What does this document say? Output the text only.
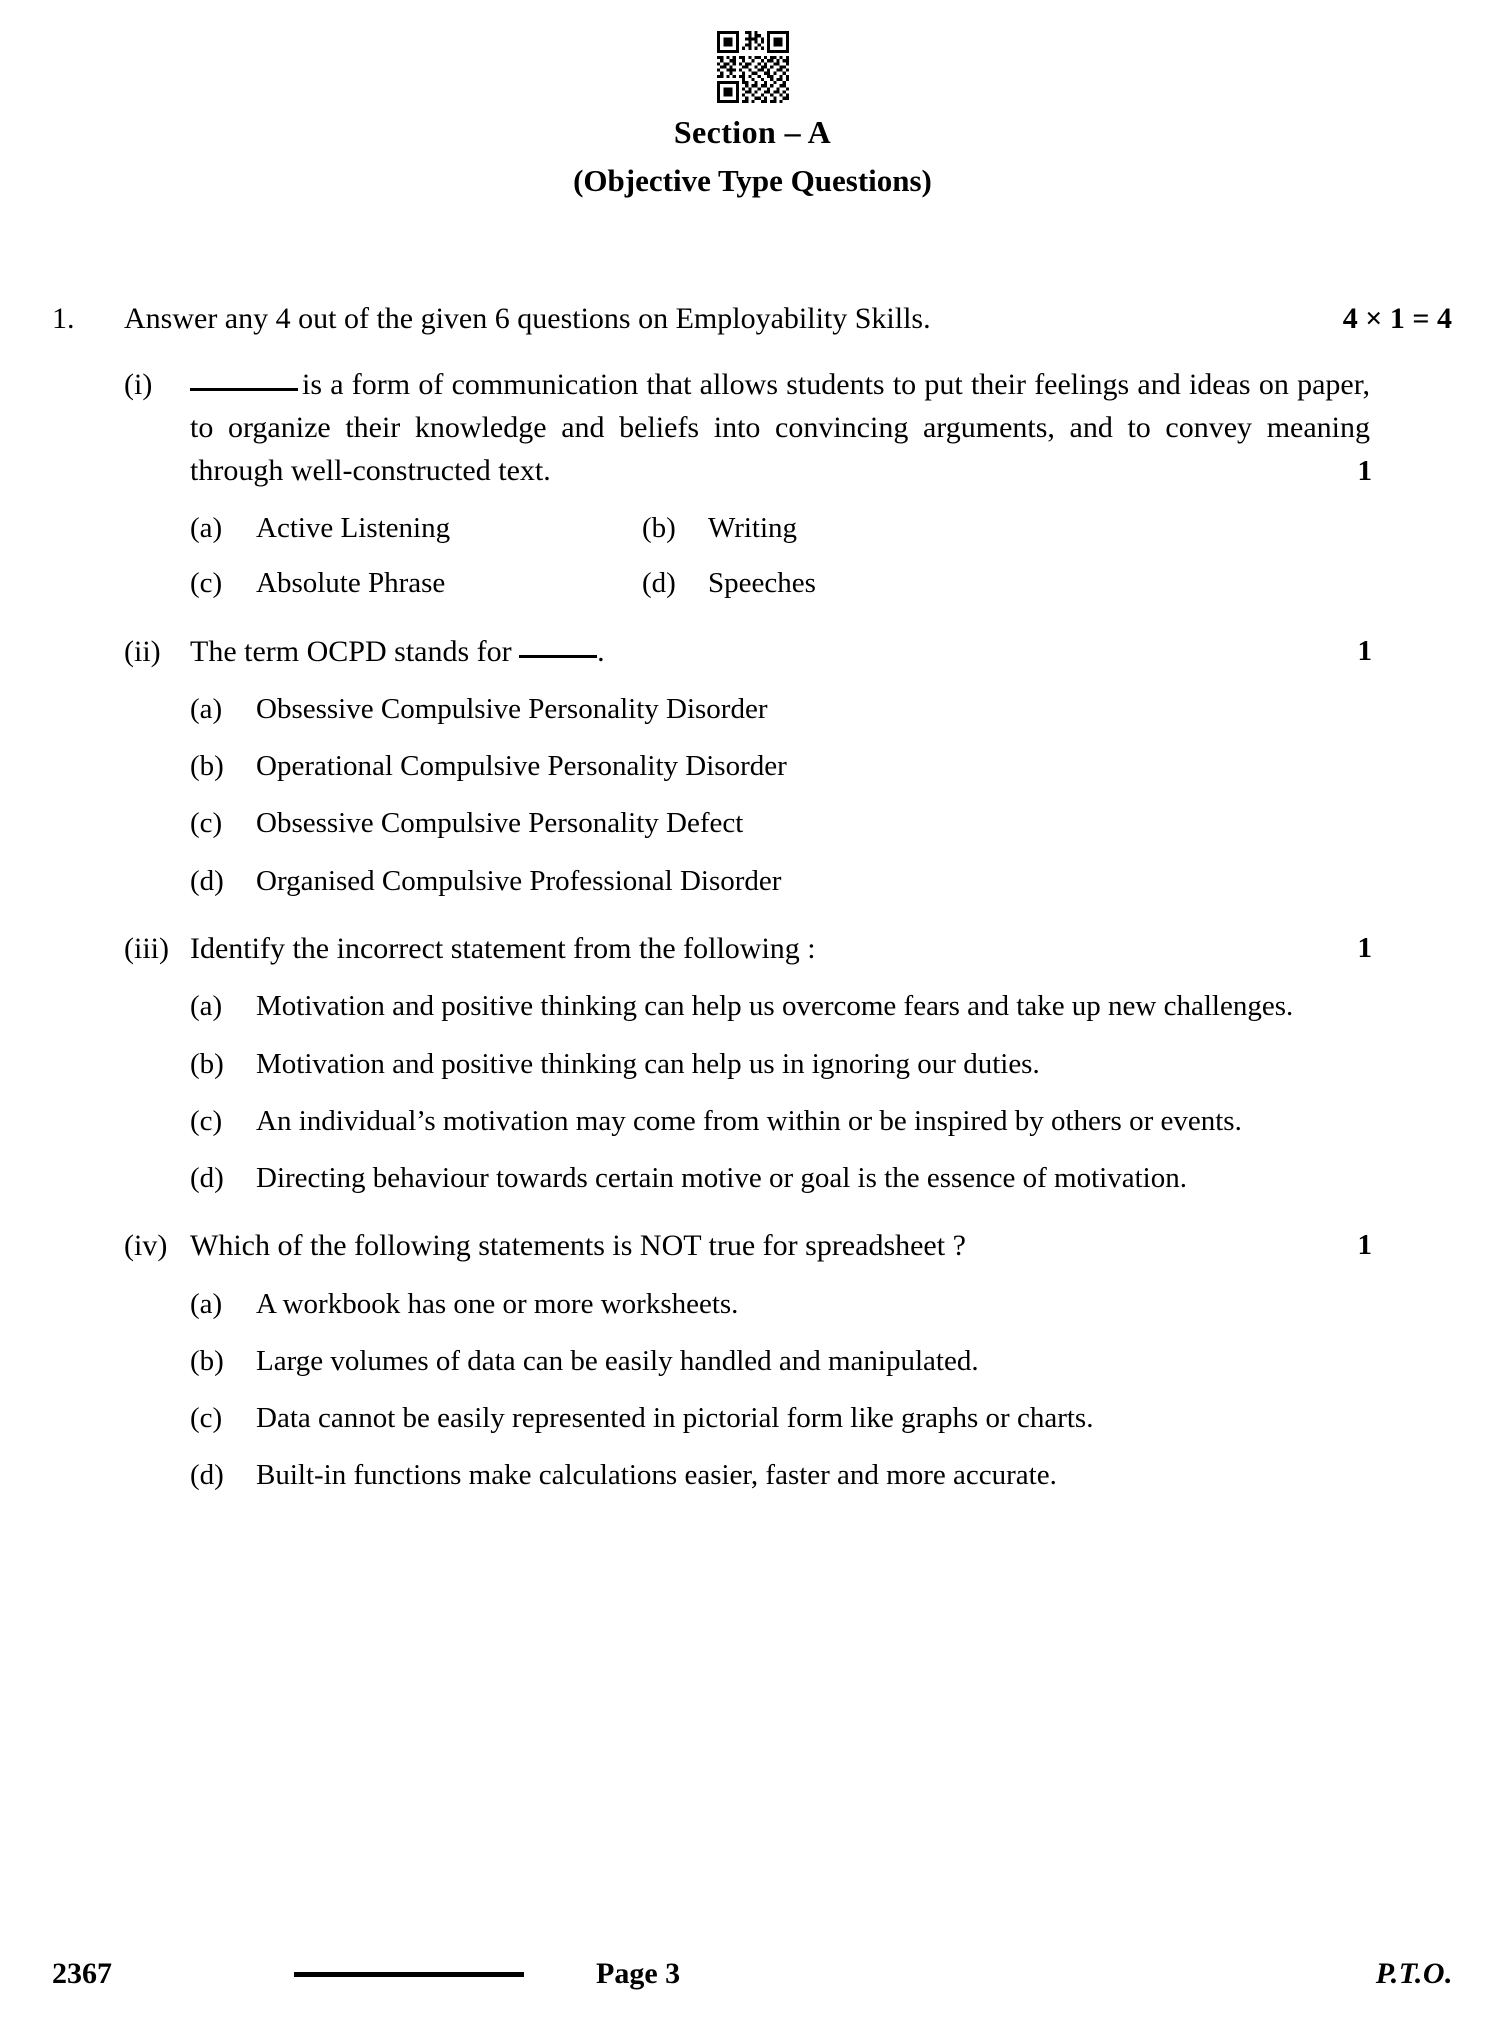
Section – A
(Objective Type Questions)
1.	Answer any 4 out of the given 6 questions on Employability Skills.	4 × 1 = 4
(i)	is a form of communication that allows students to put their feelings and ideas on paper, to organize their knowledge and beliefs into convincing arguments, and to convey meaning through well-constructed text.	1
(a)	Active Listening	(b)	Writing
(c)	Absolute Phrase	(d)	Speeches
(ii) The term OCPD stands for	.	1
(a)	Obsessive Compulsive Personality Disorder
(b)	Operational Compulsive Personality Disorder
(c)	Obsessive Compulsive Personality Defect
(d)	Organised Compulsive Professional Disorder
(iii) Identify the incorrect statement from the following :	1
(a)	Motivation and positive thinking can help us overcome fears and take up new challenges.
(b)	Motivation and positive thinking can help us in ignoring our duties.
(c)	An individual’s motivation may come from within or be inspired by others or events.
(d)	Directing behaviour towards certain motive or goal is the essence of motivation.
(iv) Which of the following statements is NOT true for spreadsheet ?	1
(a)	A workbook has one or more worksheets.
(b)	Large volumes of data can be easily handled and manipulated.
(c)	Data cannot be easily represented in pictorial form like graphs or charts.
(d)	Built-in functions make calculations easier, faster and more accurate.
2367	Page 3	P.T.O.
